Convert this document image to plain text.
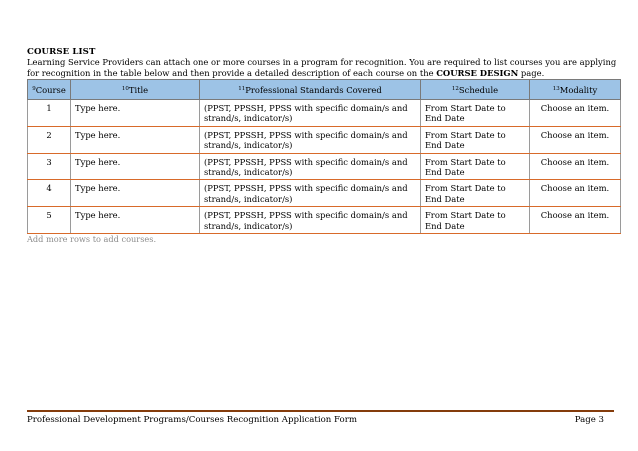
COURSE LIST
Learning Service Providers can attach one or more courses in a program for recognition. You are required to list courses you are applying for recognition in the table below and then provide a detailed description of each course on the COURSE DESIGN page.
$^9$Course	$^{10}$Title	$^{11}$Professional Standards Covered	$^{12}$Schedule	$^{13}$Modality
1	Type here.	(PPST, PPSSH, PPSS with specific domain/s and strand/s, indicator/s)	From Start Date to End Date	Choose an item.
2	Type here.	(PPST, PPSSH, PPSS with specific domain/s and strand/s, indicator/s)	From Start Date to End Date	Choose an item.
3	Type here.	(PPST, PPSSH, PPSS with specific domain/s and strand/s, indicator/s)	From Start Date to End Date	Choose an item.
4	Type here.	(PPST, PPSSH, PPSS with specific domain/s and strand/s, indicator/s)	From Start Date to End Date	Choose an item.
5	Type here.	(PPST, PPSSH, PPSS with specific domain/s and strand/s, indicator/s)	From Start Date to End Date	Choose an item.
Add more rows to add courses.
Professional Development Programs/Courses Recognition Application Form	Page 3
